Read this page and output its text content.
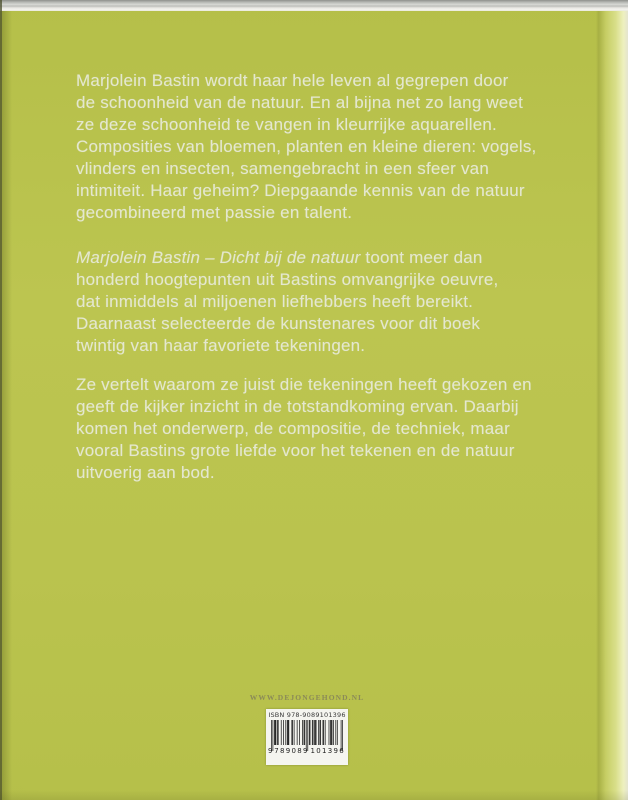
Marjolein Bastin wordt haar hele leven al gegrepen door
de schoonheid van de natuur. En al bijna net zo lang weet
ze deze schoonheid te vangen in kleurrijke aquarellen.
Composities van bloemen, planten en kleine dieren: vogels,
vlinders en insecten, samengebracht in een sfeer van
intimiteit. Haar geheim? Diepgaande kennis van de natuur
gecombineerd met passie en talent.
Marjolein Bastin – Dicht bij de natuur toont meer dan
honderd hoogtepunten uit Bastins omvangrijke oeuvre,
dat inmiddels al miljoenen liefhebbers heeft bereikt.
Daarnaast selecteerde de kunstenares voor dit boek
twintig van haar favoriete tekeningen.
Ze vertelt waarom ze juist die tekeningen heeft gekozen en
geeft de kijker inzicht in de totstandkoming ervan. Daarbij
komen het onderwerp, de compositie, de techniek, maar
vooral Bastins grote liefde voor het tekenen en de natuur
uitvoerig aan bod.
WWW.DEJONGEHOND.NL
ISBN 978-9089101396
9 789089 101396
